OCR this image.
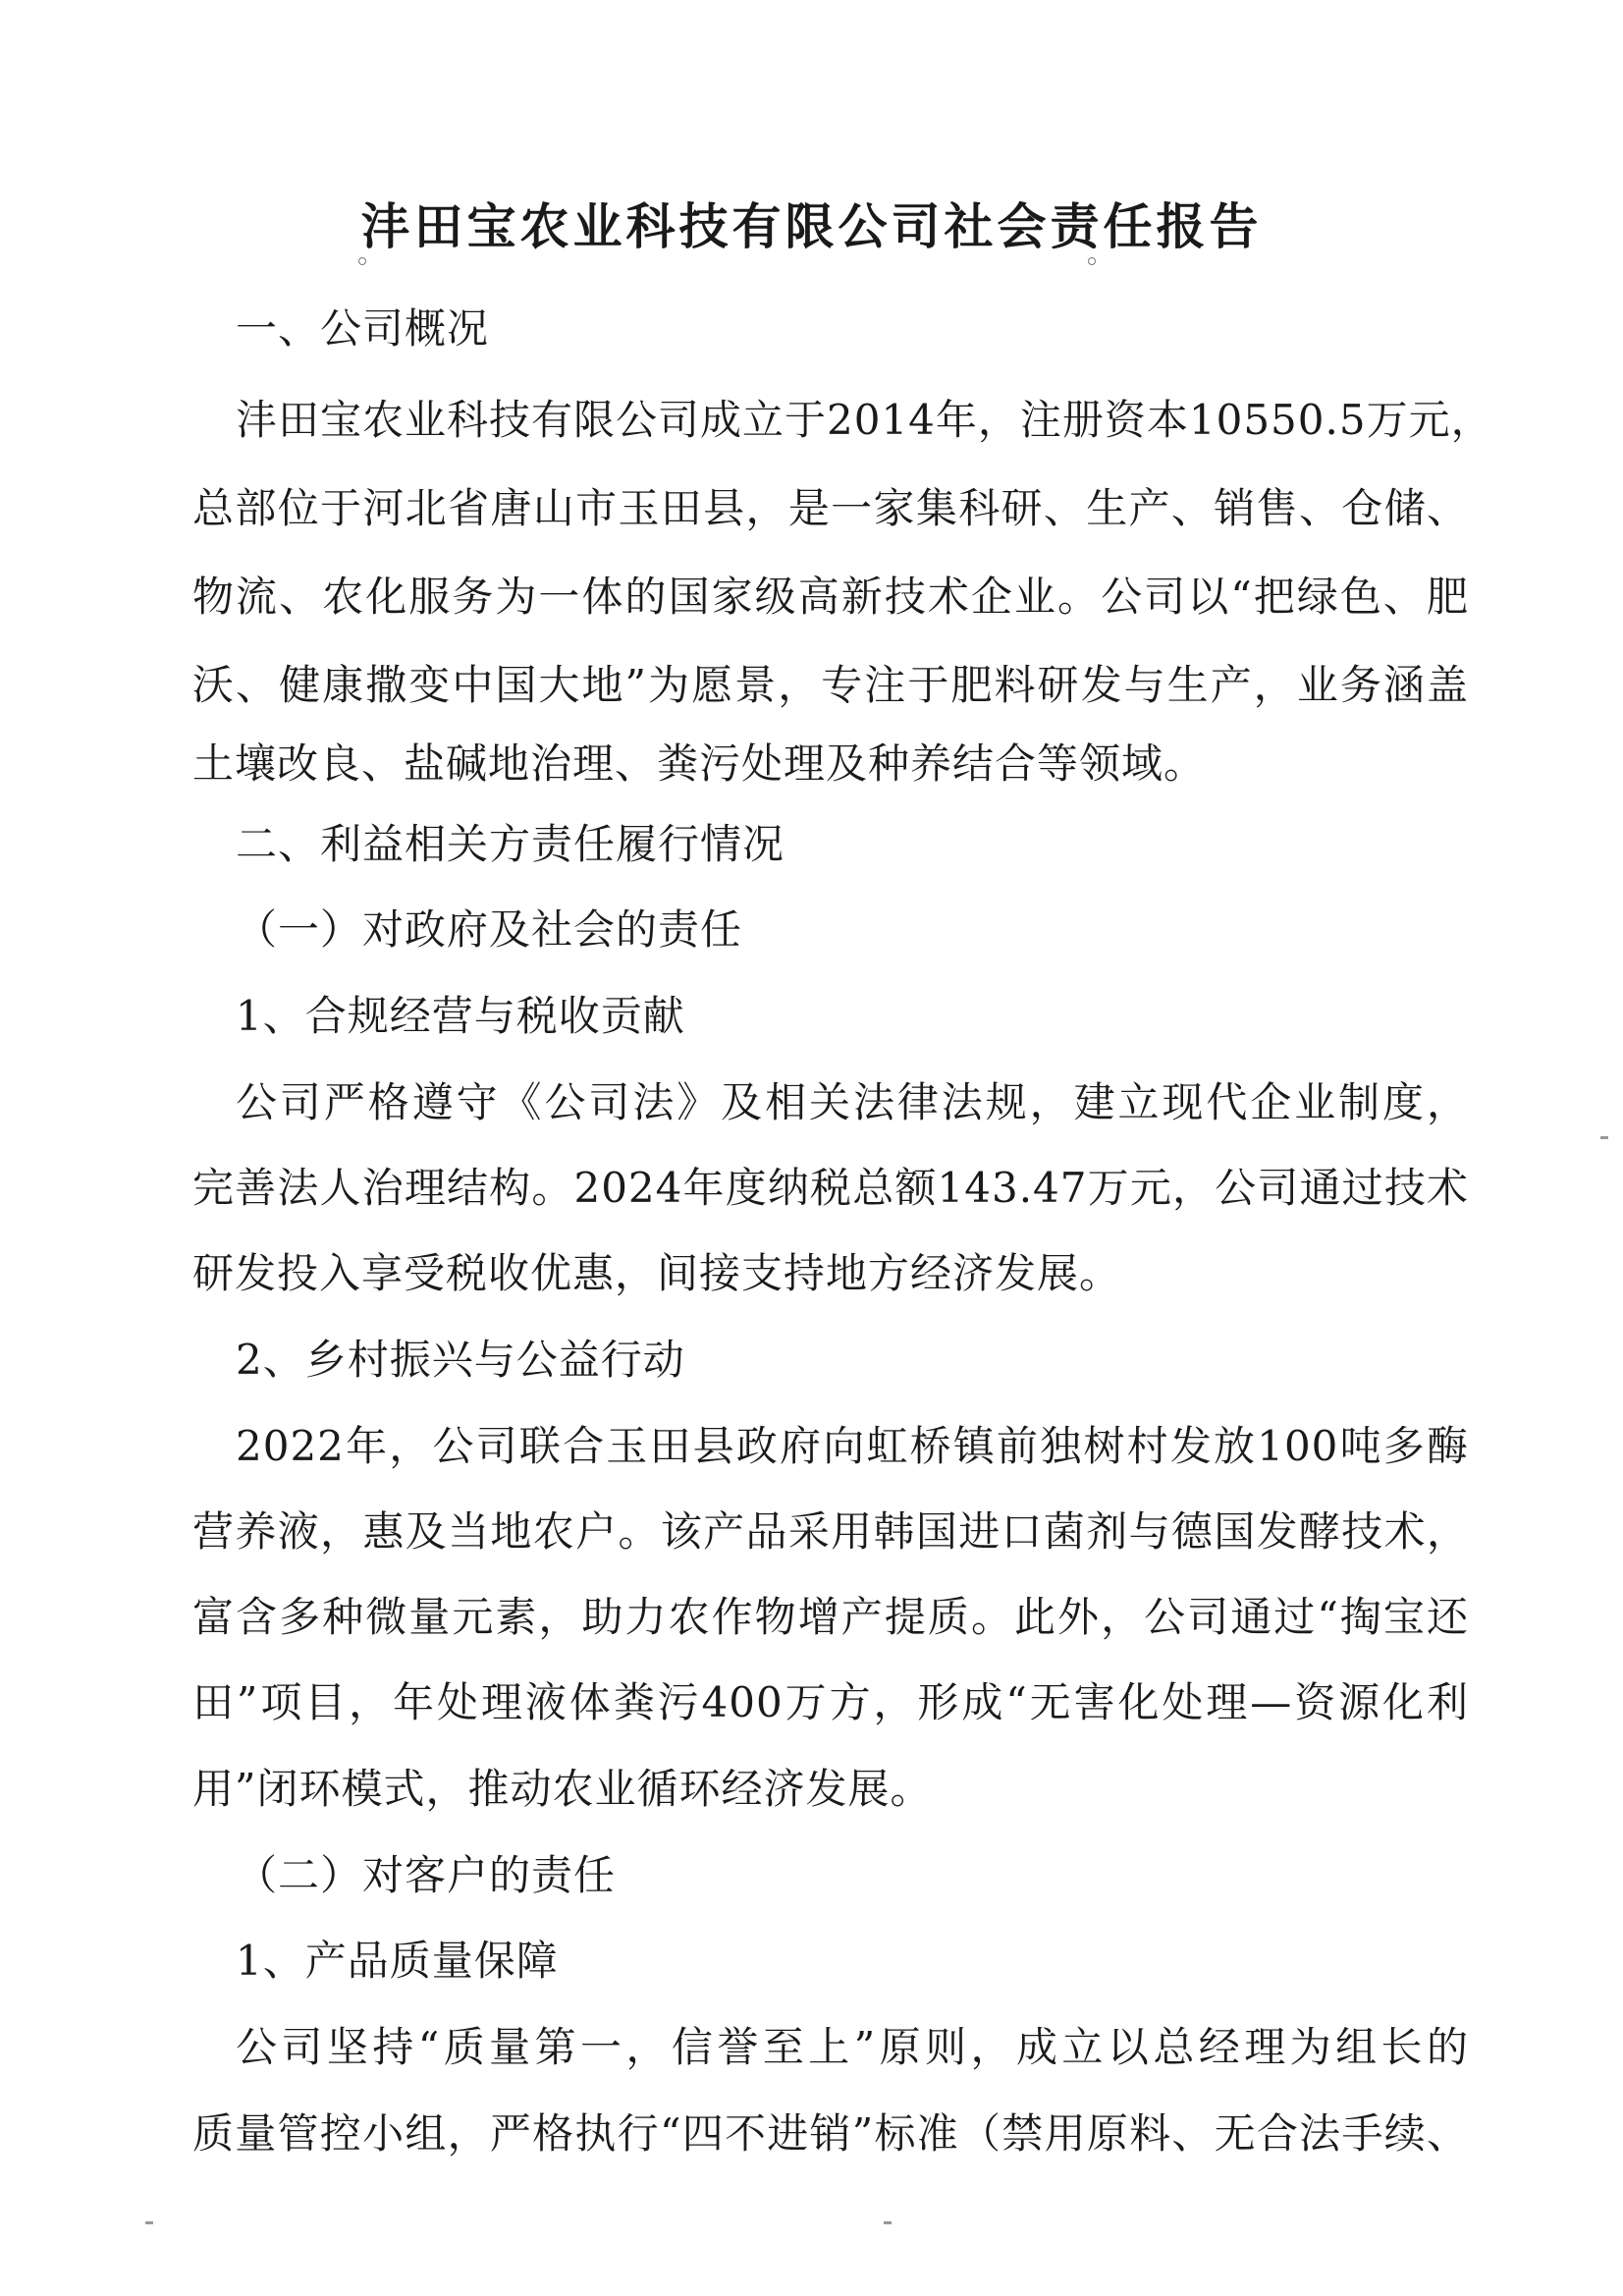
沣田宝农业科技有限公司社会责任报告
一、公司概况
沣田宝农业科技有限公司成立于2014年，注册资本10550.5万元，
总部位于河北省唐山市玉田县，是一家集科研、生产、销售、仓储、
物流、农化服务为一体的国家级高新技术企业。公司以“把绿色、肥
沃、健康撒变中国大地”为愿景，专注于肥料研发与生产，业务涵盖
土壤改良、盐碱地治理、粪污处理及种养结合等领域。
二、利益相关方责任履行情况
（一）对政府及社会的责任
1、合规经营与税收贡献
公司严格遵守《公司法》及相关法律法规，建立现代企业制度，
完善法人治理结构。2024年度纳税总额143.47万元，公司通过技术
研发投入享受税收优惠，间接支持地方经济发展。
2、乡村振兴与公益行动
2022年，公司联合玉田县政府向虹桥镇前独树村发放100吨多酶
营养液，惠及当地农户。该产品采用韩国进口菌剂与德国发酵技术，
富含多种微量元素，助力农作物增产提质。此外，公司通过“掏宝还
田”项目，年处理液体粪污400万方，形成“无害化处理—资源化利
用”闭环模式，推动农业循环经济发展。
（二）对客户的责任
1、产品质量保障
公司坚持“质量第一，信誉至上”原则，成立以总经理为组长的
质量管控小组，严格执行“四不进销”标准（禁用原料、无合法手续、
